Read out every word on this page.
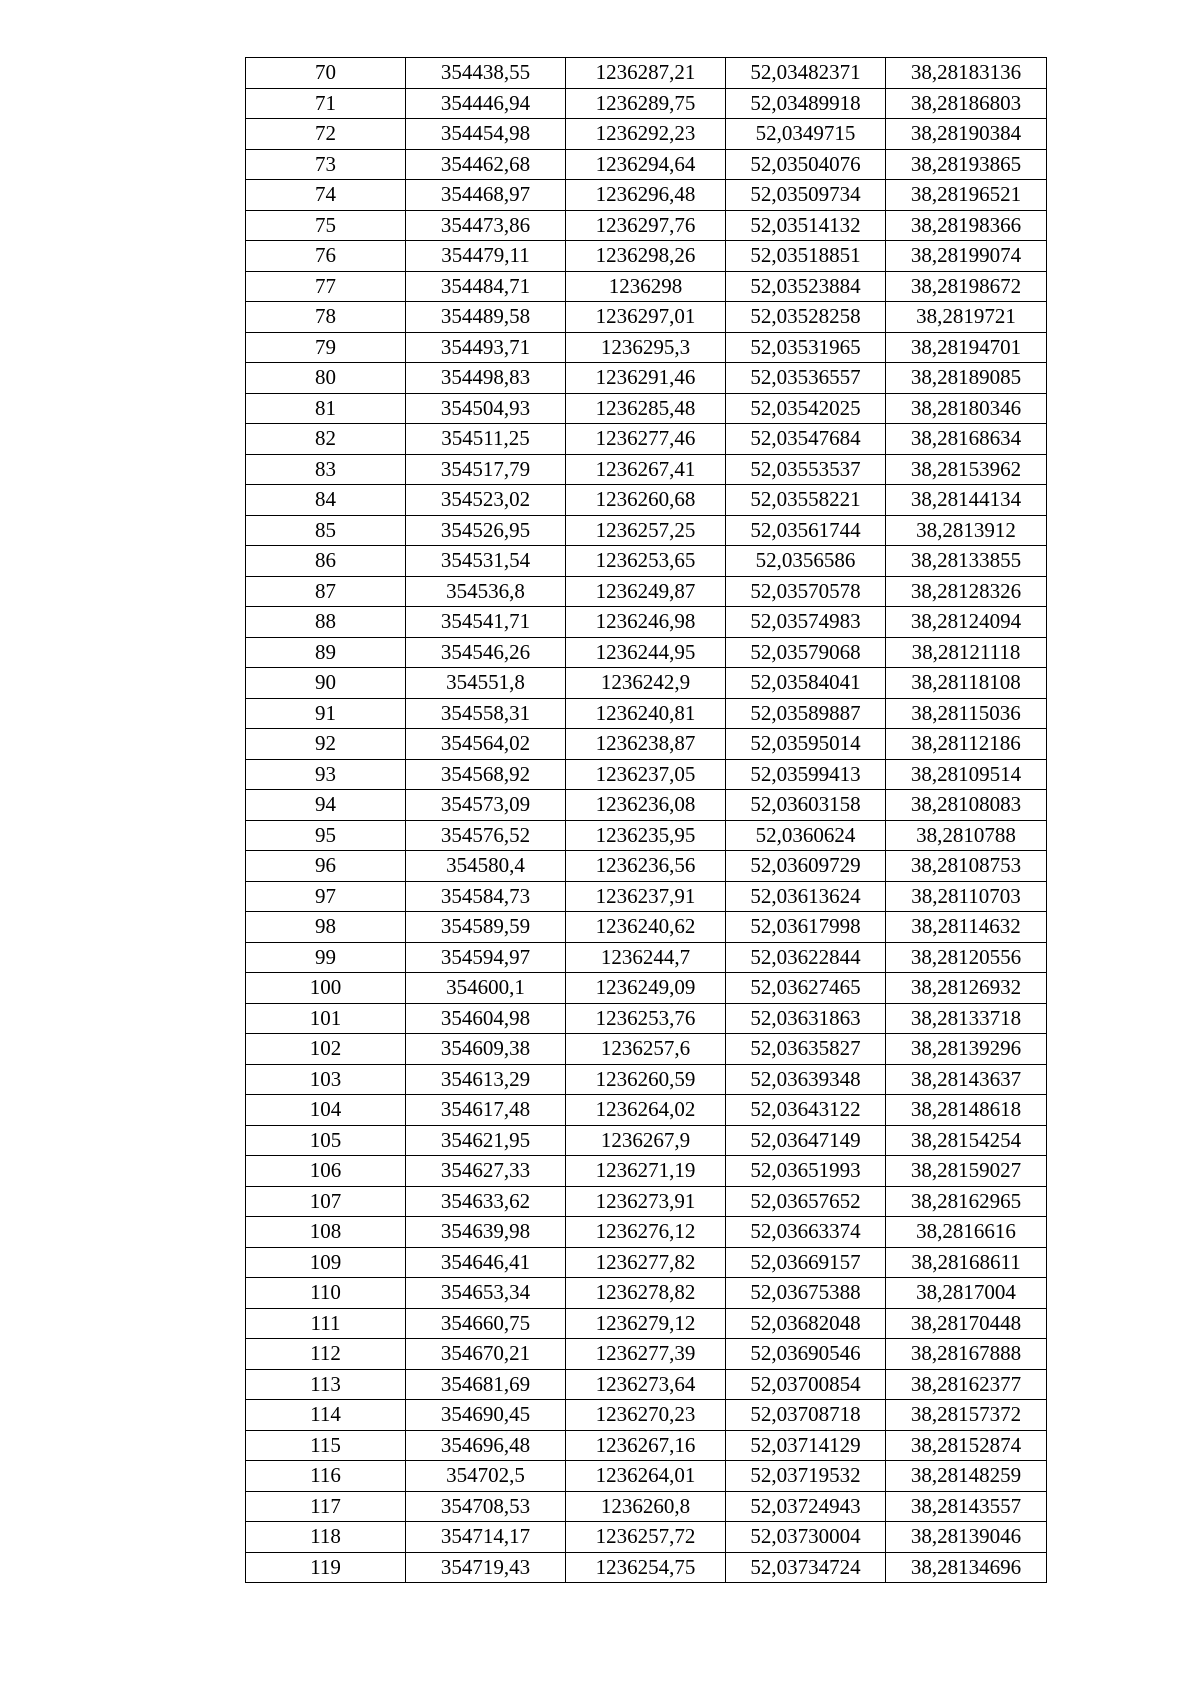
70	354438,55	1236287,21	52,03482371	38,28183136
71	354446,94	1236289,75	52,03489918	38,28186803
72	354454,98	1236292,23	52,0349715	38,28190384
73	354462,68	1236294,64	52,03504076	38,28193865
74	354468,97	1236296,48	52,03509734	38,28196521
75	354473,86	1236297,76	52,03514132	38,28198366
76	354479,11	1236298,26	52,03518851	38,28199074
77	354484,71	1236298	52,03523884	38,28198672
78	354489,58	1236297,01	52,03528258	38,2819721
79	354493,71	1236295,3	52,03531965	38,28194701
80	354498,83	1236291,46	52,03536557	38,28189085
81	354504,93	1236285,48	52,03542025	38,28180346
82	354511,25	1236277,46	52,03547684	38,28168634
83	354517,79	1236267,41	52,03553537	38,28153962
84	354523,02	1236260,68	52,03558221	38,28144134
85	354526,95	1236257,25	52,03561744	38,2813912
86	354531,54	1236253,65	52,0356586	38,28133855
87	354536,8	1236249,87	52,03570578	38,28128326
88	354541,71	1236246,98	52,03574983	38,28124094
89	354546,26	1236244,95	52,03579068	38,28121118
90	354551,8	1236242,9	52,03584041	38,28118108
91	354558,31	1236240,81	52,03589887	38,28115036
92	354564,02	1236238,87	52,03595014	38,28112186
93	354568,92	1236237,05	52,03599413	38,28109514
94	354573,09	1236236,08	52,03603158	38,28108083
95	354576,52	1236235,95	52,0360624	38,2810788
96	354580,4	1236236,56	52,03609729	38,28108753
97	354584,73	1236237,91	52,03613624	38,28110703
98	354589,59	1236240,62	52,03617998	38,28114632
99	354594,97	1236244,7	52,03622844	38,28120556
100	354600,1	1236249,09	52,03627465	38,28126932
101	354604,98	1236253,76	52,03631863	38,28133718
102	354609,38	1236257,6	52,03635827	38,28139296
103	354613,29	1236260,59	52,03639348	38,28143637
104	354617,48	1236264,02	52,03643122	38,28148618
105	354621,95	1236267,9	52,03647149	38,28154254
106	354627,33	1236271,19	52,03651993	38,28159027
107	354633,62	1236273,91	52,03657652	38,28162965
108	354639,98	1236276,12	52,03663374	38,2816616
109	354646,41	1236277,82	52,03669157	38,28168611
110	354653,34	1236278,82	52,03675388	38,2817004
111	354660,75	1236279,12	52,03682048	38,28170448
112	354670,21	1236277,39	52,03690546	38,28167888
113	354681,69	1236273,64	52,03700854	38,28162377
114	354690,45	1236270,23	52,03708718	38,28157372
115	354696,48	1236267,16	52,03714129	38,28152874
116	354702,5	1236264,01	52,03719532	38,28148259
117	354708,53	1236260,8	52,03724943	38,28143557
118	354714,17	1236257,72	52,03730004	38,28139046
119	354719,43	1236254,75	52,03734724	38,28134696
